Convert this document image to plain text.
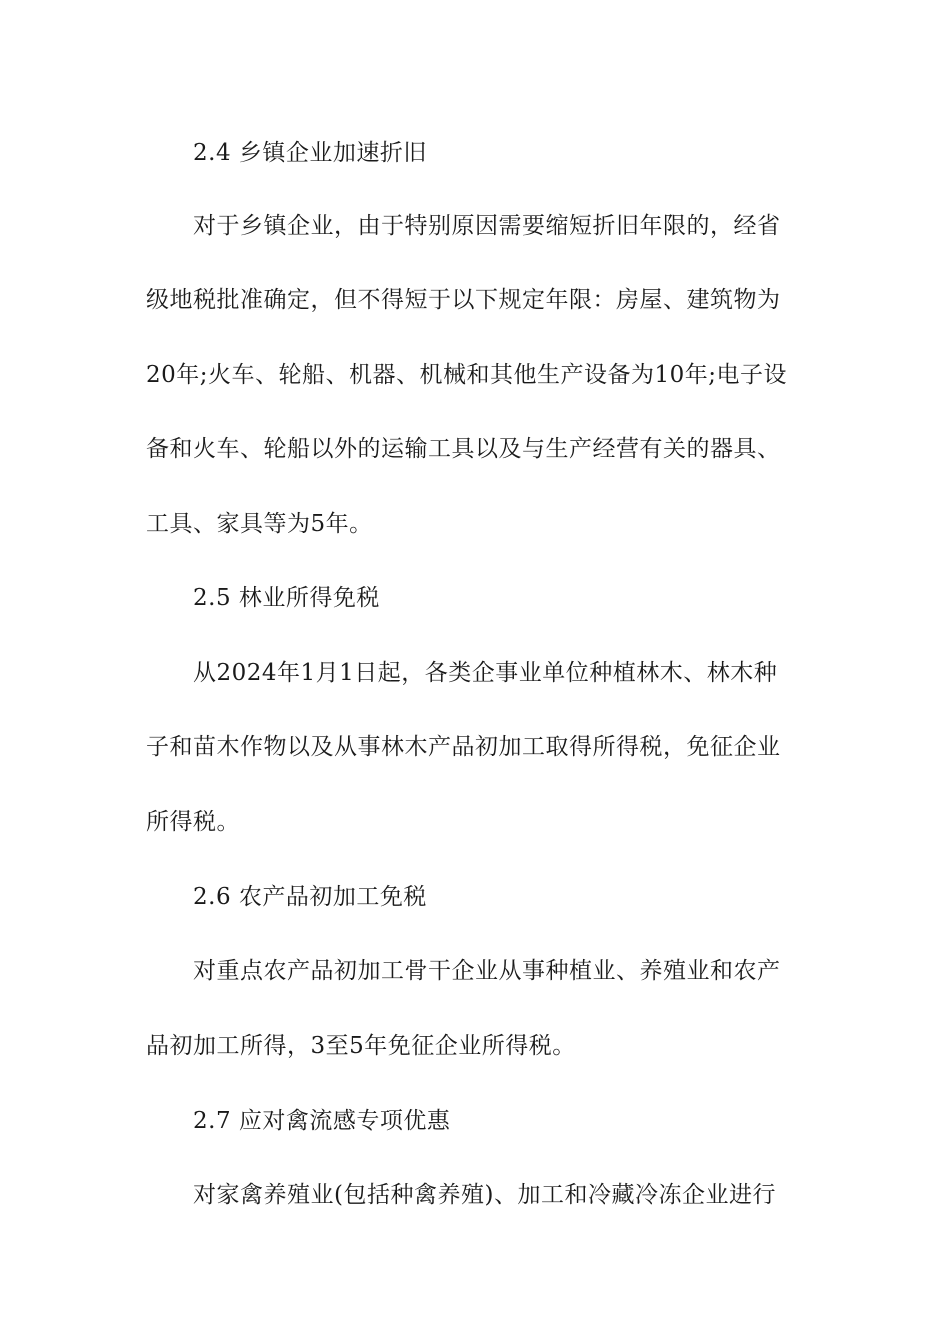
2.4 乡镇企业加速折旧
对于乡镇企业，由于特别原因需要缩短折旧年限的，经省
级地税批准确定，但不得短于以下规定年限：房屋、建筑物为
20年;火车、轮船、机器、机械和其他生产设备为10年;电子设
备和火车、轮船以外的运输工具以及与生产经营有关的器具、
工具、家具等为5年。
2.5 林业所得免税
从2024年1月1日起，各类企事业单位种植林木、林木种
子和苗木作物以及从事林木产品初加工取得所得税，免征企业
所得税。
2.6 农产品初加工免税
对重点农产品初加工骨干企业从事种植业、养殖业和农产
品初加工所得，3至5年免征企业所得税。
2.7 应对禽流感专项优惠
对家禽养殖业(包括种禽养殖)、加工和冷藏冷冻企业进行
